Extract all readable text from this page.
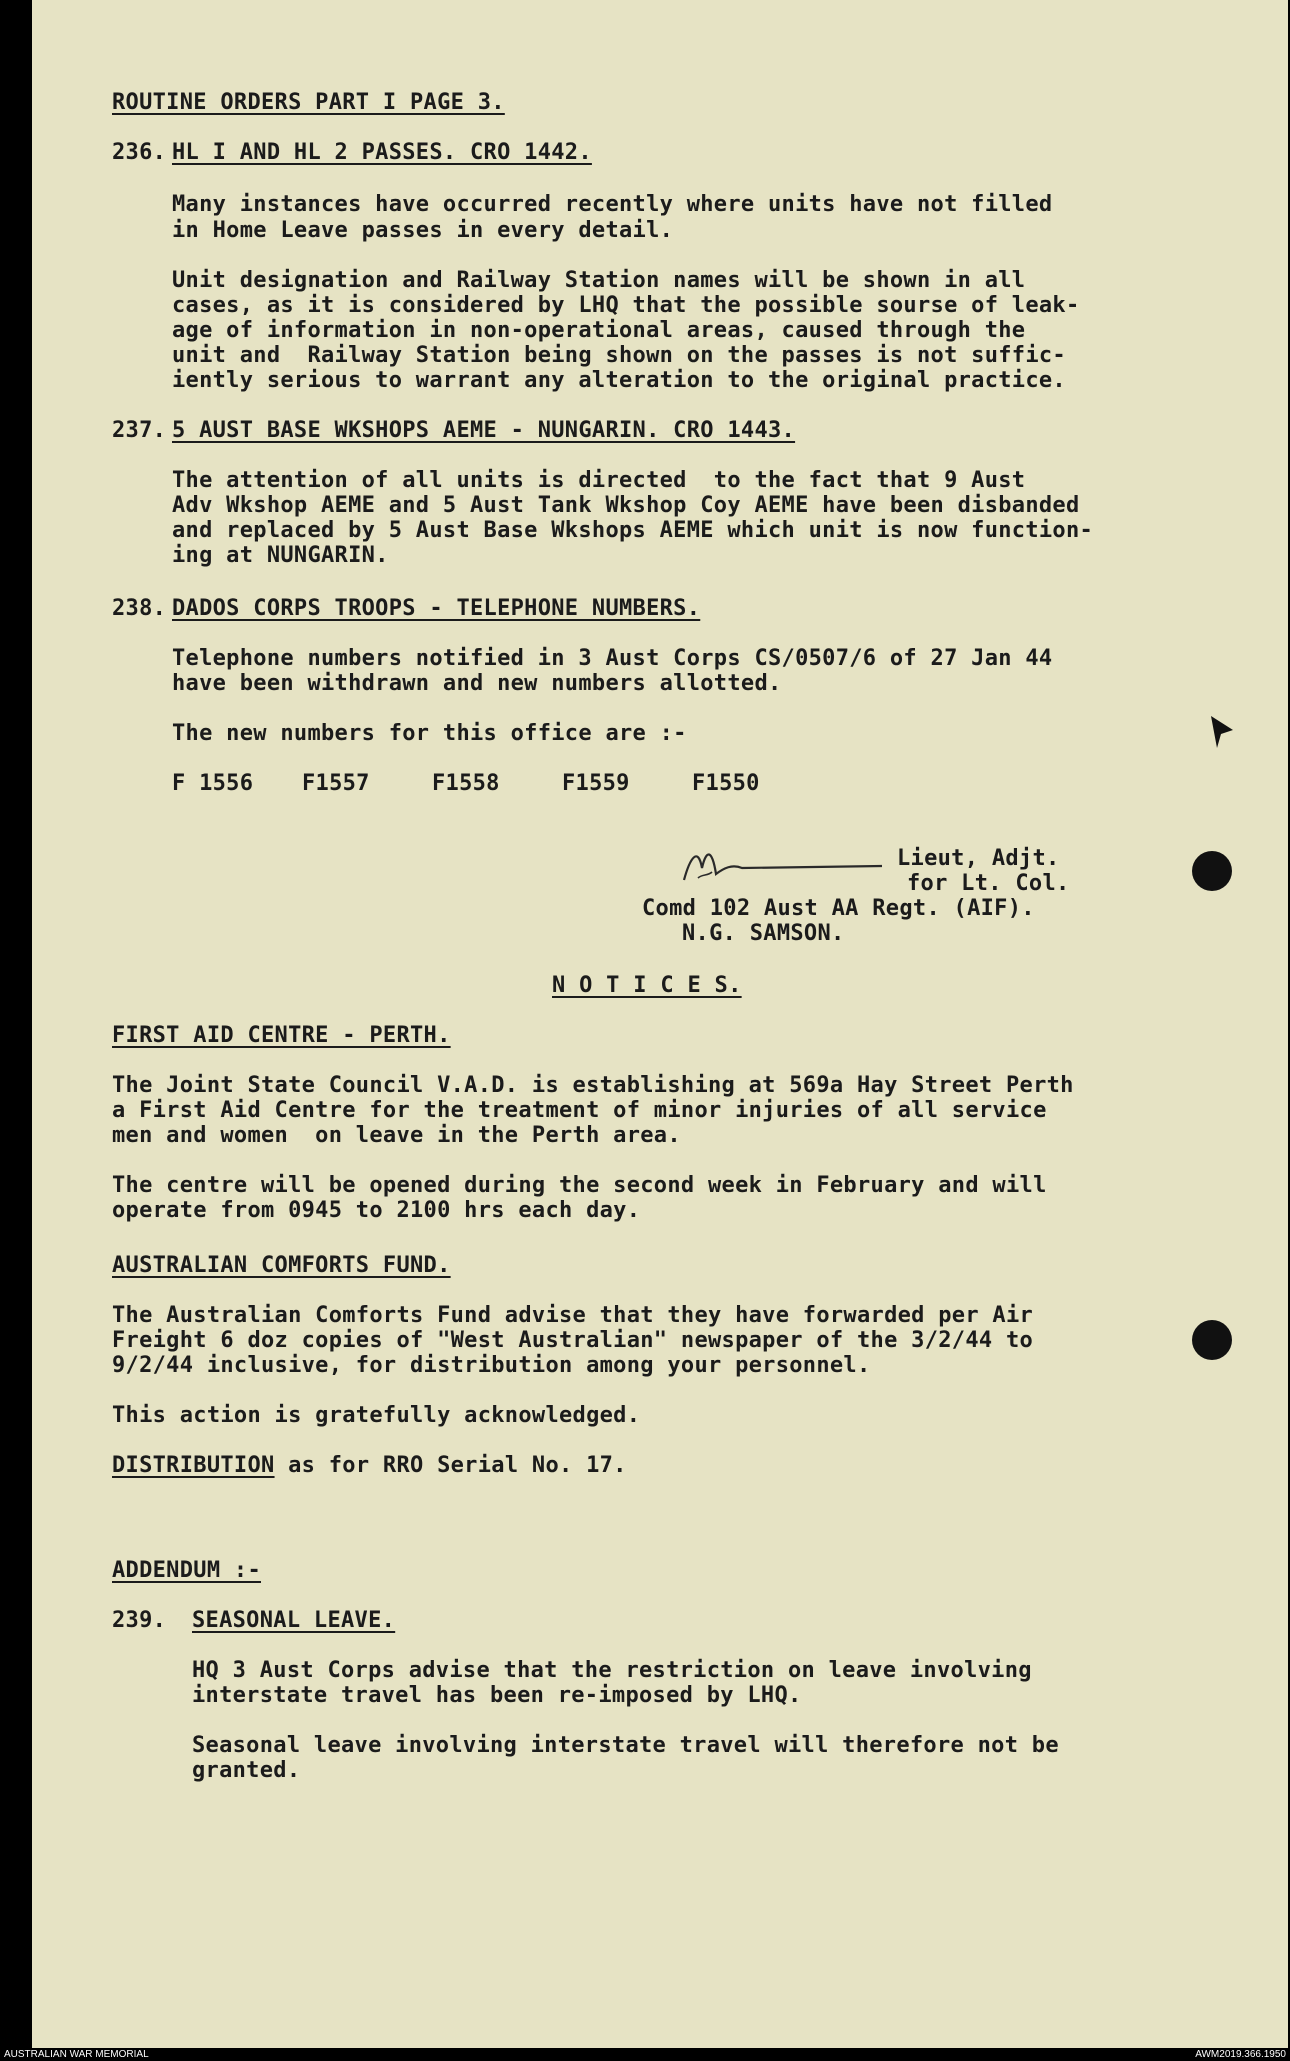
ROUTINE ORDERS PART I PAGE 3.
236. HL I AND HL 2 PASSES. CRO 1442.
Many instances have occurred recently where units have not filled
in Home Leave passes in every detail.
Unit designation and Railway Station names will be shown in all
cases, as it is considered by LHQ that the possible sourse of leak-
age of information in non-operational areas, caused through the
unit and  Railway Station being shown on the passes is not suffic-
iently serious to warrant any alteration to the original practice.
237. 5 AUST BASE WKSHOPS AEME - NUNGARIN. CRO 1443.
The attention of all units is directed  to the fact that 9 Aust
Adv Wkshop AEME and 5 Aust Tank Wkshop Coy AEME have been disbanded
and replaced by 5 Aust Base Wkshops AEME which unit is now function-
ing at NUNGARIN.
238. DADOS CORPS TROOPS - TELEPHONE NUMBERS.
Telephone numbers notified in 3 Aust Corps CS/0507/6 of 27 Jan 44
have been withdrawn and new numbers allotted.
The new numbers for this office are :-
F 1556 F1557	F1558	F1559	F1550
Lieut, Adjt.
for Lt. Col.
Comd 102 Aust AA Regt. (AIF).
N.G. SAMSON.
N O T I C E S.
FIRST AID CENTRE - PERTH.
The Joint State Council V.A.D. is establishing at 569a Hay Street Perth
a First Aid Centre for the treatment of minor injuries of all service
men and women  on leave in the Perth area.
The centre will be opened during the second week in February and will
operate from 0945 to 2100 hrs each day.
AUSTRALIAN COMFORTS FUND.
The Australian Comforts Fund advise that they have forwarded per Air
Freight 6 doz copies of "West Australian" newspaper of the 3/2/44 to
9/2/44 inclusive, for distribution among your personnel.
This action is gratefully acknowledged.
DISTRIBUTION as for RRO Serial No. 17.
ADDENDUM :-
239. SEASONAL LEAVE.
HQ 3 Aust Corps advise that the restriction on leave involving
interstate travel has been re-imposed by LHQ.
Seasonal leave involving interstate travel will therefore not be
granted.
AUSTRALIAN WAR MEMORIAL	AWM2019.366.1950
